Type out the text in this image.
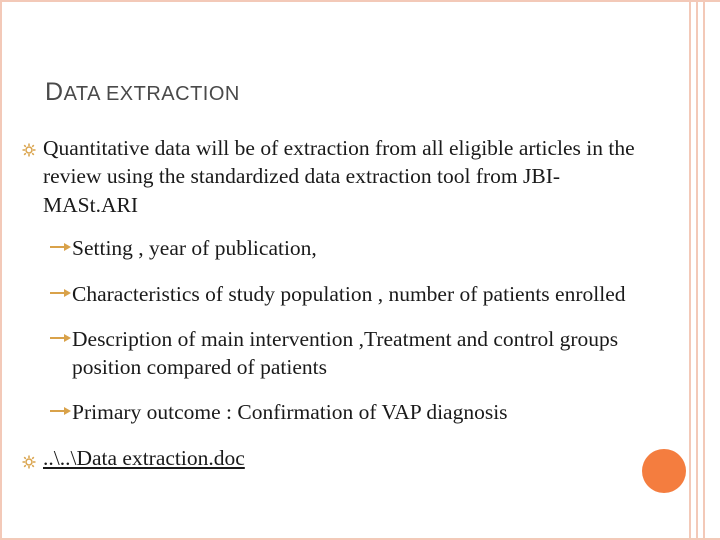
DATA EXTRACTION
Quantitative data will be of extraction from all eligible articles in the
review using the standardized data extraction tool from JBI-
MASt.ARI
Setting , year of publication,
Characteristics of study population , number of patients enrolled
Description of main intervention ,Treatment and control groups
position compared of patients
Primary outcome : Confirmation of VAP diagnosis
..\..\Data extraction.doc
